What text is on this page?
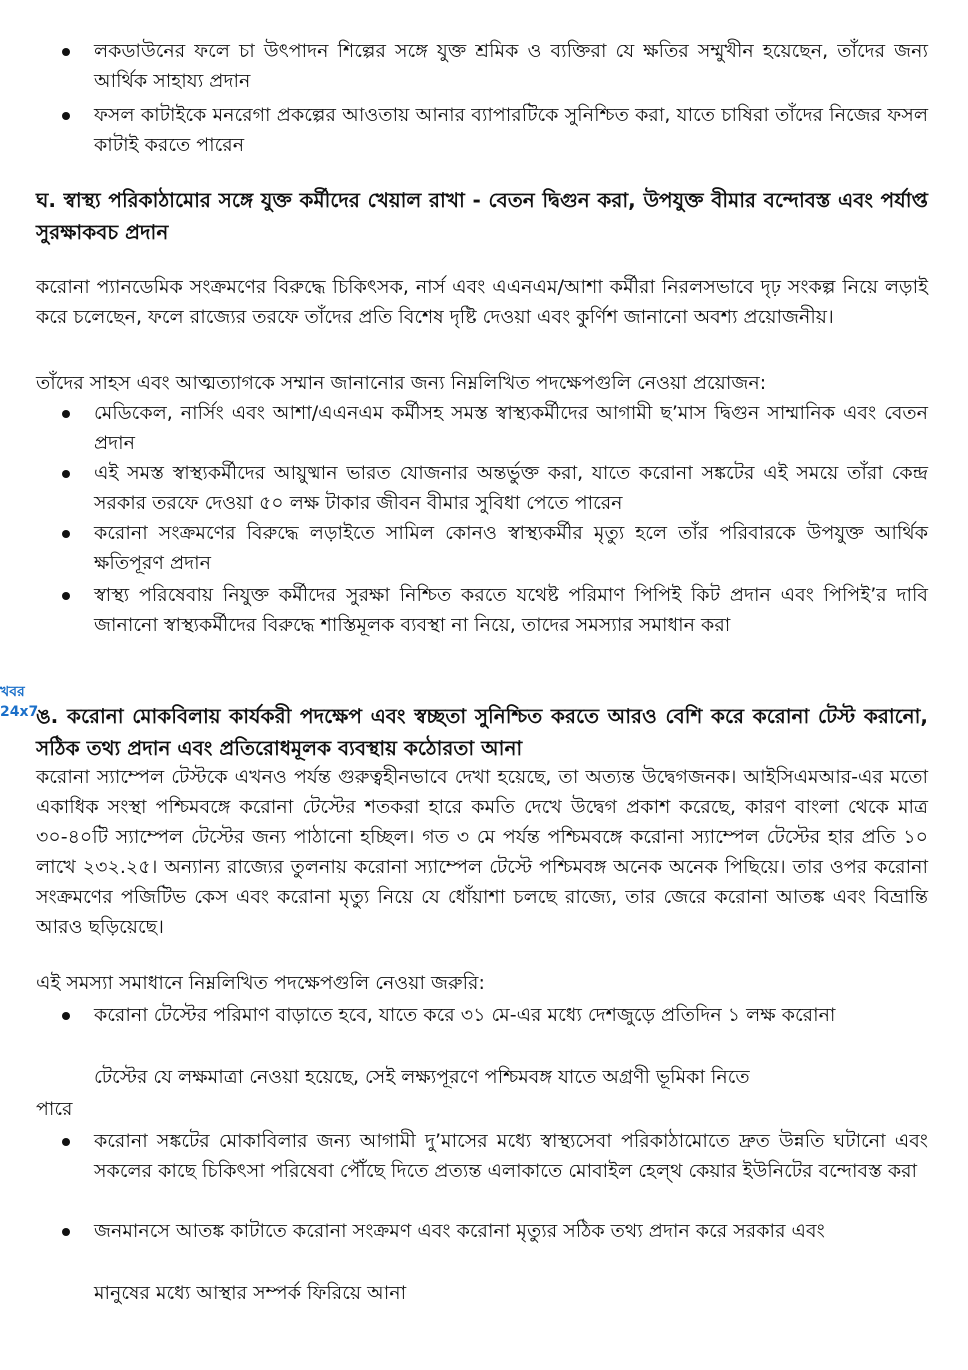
লকডাউনের ফলে চা উৎপাদন শিল্পের সঙ্গে যুক্ত শ্রমিক ও ব্যক্তিরা যে ক্ষতির সম্মুখীন হয়েছেন, তাঁদের জন্য আর্থিক সাহায্য প্রদান
ফসল কাটাইকে মনরেগা প্রকল্পের আওতায় আনার ব্যাপারটিকে সুনিশ্চিত করা, যাতে চাষিরা তাঁদের নিজের ফসল কাটাই করতে পারেন
ঘ. স্বাস্থ্য পরিকাঠামোর সঙ্গে যুক্ত কর্মীদের খেয়াল রাখা - বেতন দ্বিগুন করা, উপযুক্ত বীমার বন্দোবস্ত এবং পর্যাপ্ত সুরক্ষাকবচ প্রদান
করোনা প্যানডেমিক সংক্রমণের বিরুদ্ধে চিকিৎসক, নার্স এবং এএনএম/আশা কর্মীরা নিরলসভাবে দৃঢ় সংকল্প নিয়ে লড়াই করে চলেছেন, ফলে রাজ্যের তরফে তাঁদের প্রতি বিশেষ দৃষ্টি দেওয়া এবং কুর্ণিশ জানানো অবশ্য প্রয়োজনীয়।
তাঁদের সাহস এবং আত্মত্যাগকে সম্মান জানানোর জন্য নিম্নলিখিত পদক্ষেপগুলি নেওয়া প্রয়োজন:
মেডিকেল, নার্সিং এবং আশা/এএনএম কর্মীসহ সমস্ত স্বাস্থ্যকর্মীদের আগামী ছ’মাস দ্বিগুন সাম্মানিক এবং বেতন প্রদান
এই সমস্ত স্বাস্থ্যকর্মীদের আয়ুষ্মান ভারত যোজনার অন্তর্ভুক্ত করা, যাতে করোনা সঙ্কটের এই সময়ে তাঁরা কেন্দ্র সরকার তরফে দেওয়া ৫০ লক্ষ টাকার জীবন বীমার সুবিধা পেতে পারেন
করোনা সংক্রমণের বিরুদ্ধে লড়াইতে সামিল কোনও স্বাস্থ্যকর্মীর মৃত্যু হলে তাঁর পরিবারকে উপযুক্ত আর্থিক ক্ষতিপূরণ প্রদান
স্বাস্থ্য পরিষেবায় নিযুক্ত কর্মীদের সুরক্ষা নিশ্চিত করতে যথেষ্ট পরিমাণ পিপিই কিট প্রদান এবং পিপিই’র দাবি জানানো স্বাস্থ্যকর্মীদের বিরুদ্ধে শাস্তিমূলক ব্যবস্থা না নিয়ে, তাদের সমস্যার সমাধান করা
খবর 24x7
ঙ. করোনা মোকবিলায় কার্যকরী পদক্ষেপ এবং স্বচ্ছতা সুনিশ্চিত করতে আরও বেশি করে করোনা টেস্ট করানো, সঠিক তথ্য প্রদান এবং প্রতিরোধমূলক ব্যবস্থায় কঠোরতা আনা
করোনা স্যাম্পেল টেস্টকে এখনও পর্যন্ত গুরুত্বহীনভাবে দেখা হয়েছে, তা অত্যন্ত উদ্বেগজনক। আইসিএমআর-এর মতো একাধিক সংস্থা পশ্চিমবঙ্গে করোনা টেস্টের শতকরা হারে কমতি দেখে উদ্বেগ প্রকাশ করেছে, কারণ বাংলা থেকে মাত্র ৩০-৪০টি স্যাম্পেল টেস্টের জন্য পাঠানো হচ্ছিল। গত ৩ মে পর্যন্ত পশ্চিমবঙ্গে করোনা স্যাম্পেল টেস্টের হার প্রতি ১০ লাখে ২৩২.২৫। অন্যান্য রাজ্যের তুলনায় করোনা স্যাম্পেল টেস্টে পশ্চিমবঙ্গ অনেক অনেক পিছিয়ে। তার ওপর করোনা সংক্রমণের পজিটিভ কেস এবং করোনা মৃত্যু নিয়ে যে ধোঁয়াশা চলছে রাজ্যে, তার জেরে করোনা আতঙ্ক এবং বিভ্রান্তি আরও ছড়িয়েছে।
এই সমস্যা সমাধানে নিম্নলিখিত পদক্ষেপগুলি নেওয়া জরুরি:
করোনা টেস্টের পরিমাণ বাড়াতে হবে, যাতে করে ৩১ মে-এর মধ্যে দেশজুড়ে প্রতিদিন ১ লক্ষ করোনা
টেস্টের যে লক্ষমাত্রা নেওয়া হয়েছে, সেই লক্ষ্যপূরণে পশ্চিমবঙ্গ যাতে অগ্রণী ভূমিকা নিতে
পারে
করোনা সঙ্কটের মোকাবিলার জন্য আগামী দু’মাসের মধ্যে স্বাস্থ্যসেবা পরিকাঠামোতে দ্রুত উন্নতি ঘটানো এবং সকলের কাছে চিকিৎসা পরিষেবা পৌঁছে দিতে প্রত্যন্ত এলাকাতে মোবাইল হেল্থ কেয়ার ইউনিটের বন্দোবস্ত করা
জনমানসে আতঙ্ক কাটাতে করোনা সংক্রমণ এবং করোনা মৃত্যুর সঠিক তথ্য প্রদান করে সরকার এবং
মানুষের মধ্যে আস্থার সম্পর্ক ফিরিয়ে আনা
